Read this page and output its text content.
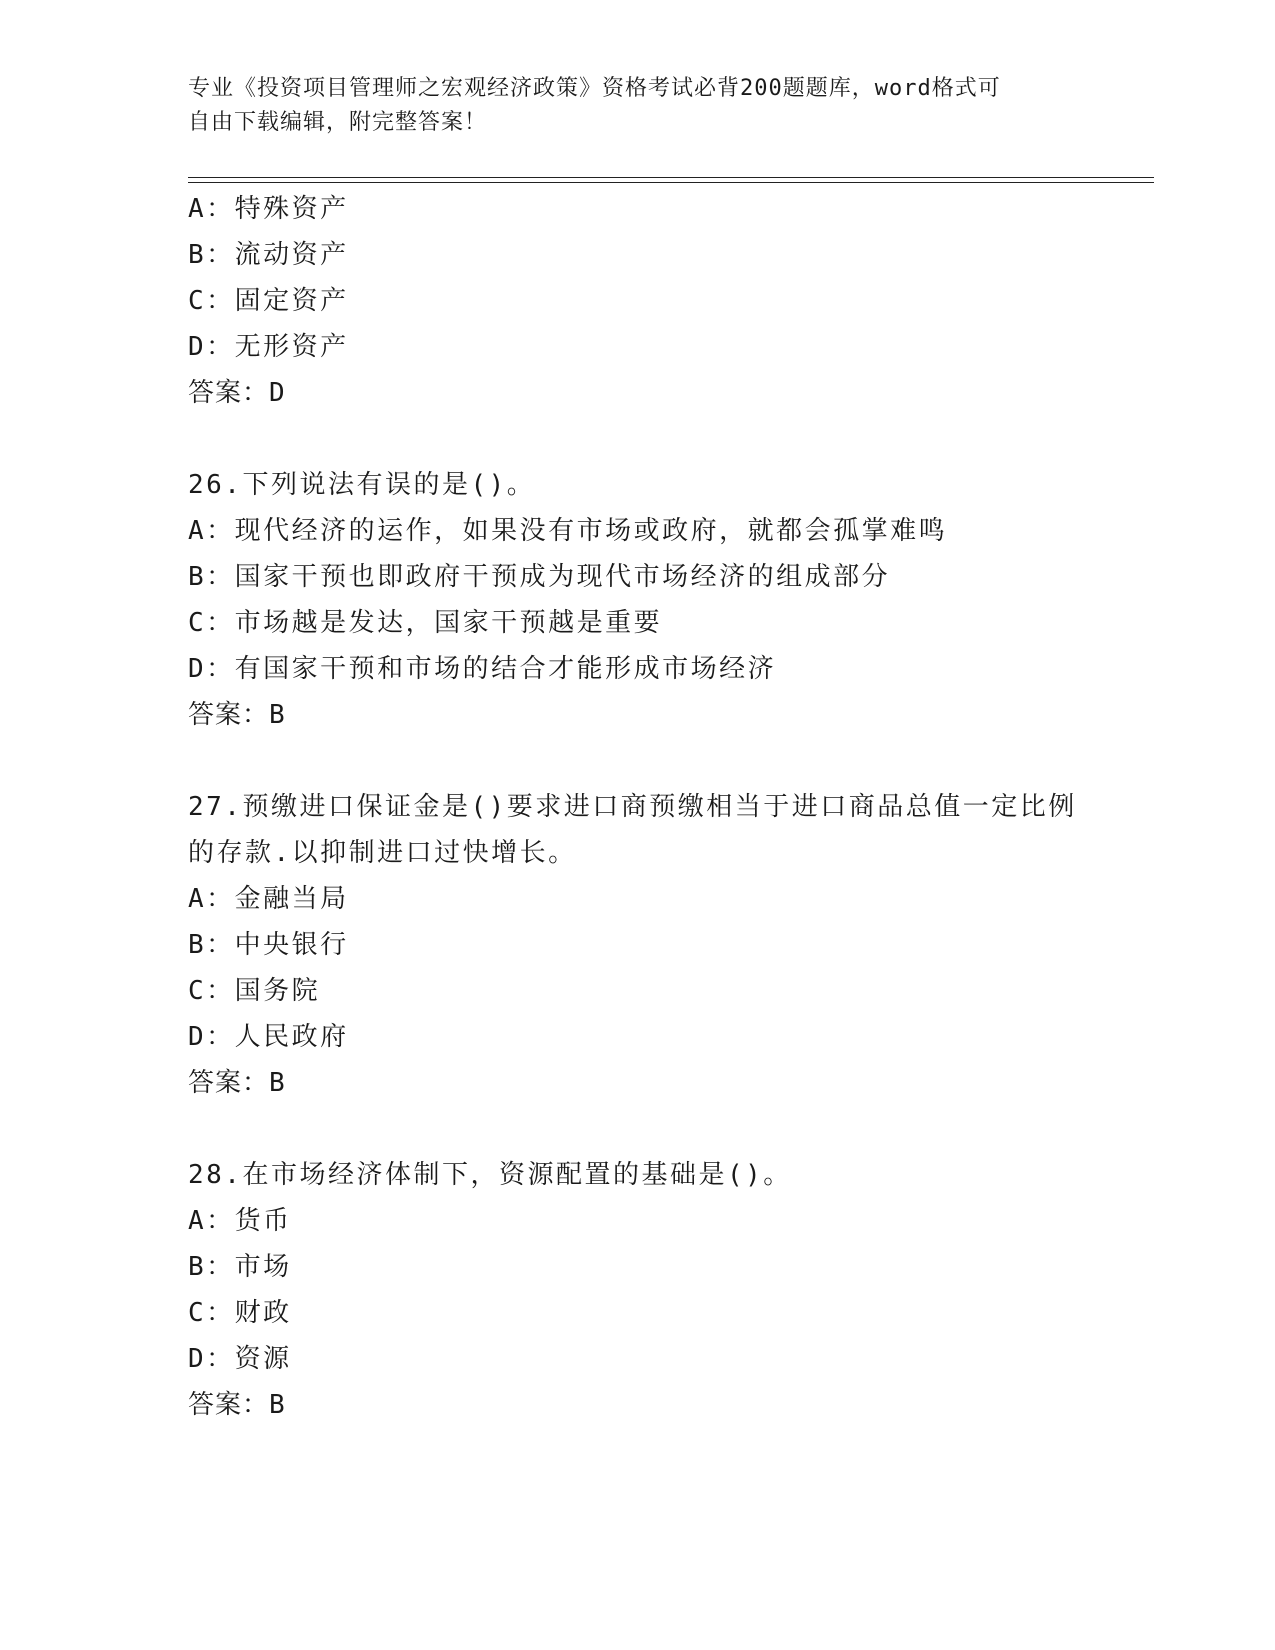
专业《投资项目管理师之宏观经济政策》资格考试必背200题题库，word格式可
自由下载编辑，附完整答案！
A：特殊资产
B：流动资产
C：固定资产
D：无形资产
答案：D
26.下列说法有误的是()。
A：现代经济的运作，如果没有市场或政府，就都会孤掌难鸣
B：国家干预也即政府干预成为现代市场经济的组成部分
C：市场越是发达，国家干预越是重要
D：有国家干预和市场的结合才能形成市场经济
答案：B
27.预缴进口保证金是()要求进口商预缴相当于进口商品总值一定比例
的存款.以抑制进口过快增长。
A：金融当局
B：中央银行
C：国务院
D：人民政府
答案：B
28.在市场经济体制下，资源配置的基础是()。
A：货币
B：市场
C：财政
D：资源
答案：B
